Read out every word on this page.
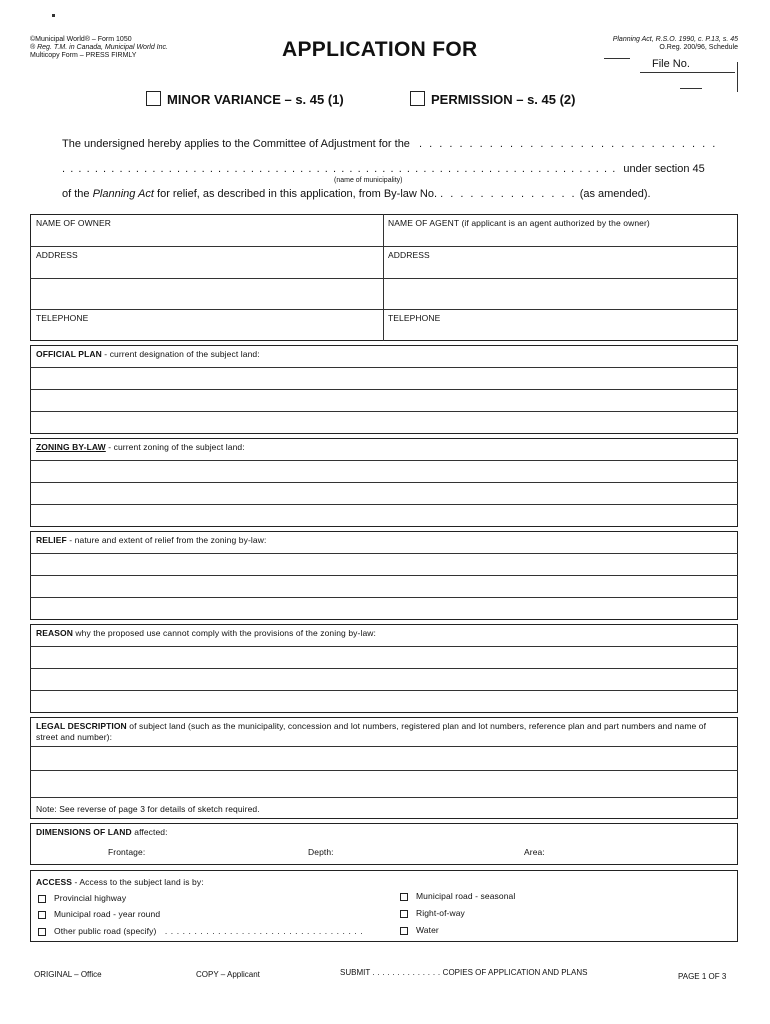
©Municipal World® – Form 1050
® Reg. T.M. in Canada, Municipal World Inc.
Multicopy Form – PRESS FIRMLY	APPLICATION FOR	Planning Act, R.S.O. 1990, c. P.13, s. 45
O.Reg. 200/96, Schedule
File No.
MINOR VARIANCE – s. 45 (1)	PERMISSION – s. 45 (2)
The undersigned hereby applies to the Committee of Adjustment for the . . . . . . . . . . . . . . . . . . . . . . . . . . . . . .
. . . . . . . . . . . . . . . . . . . . . . . . . . . . . . . . . . . . . . . . . . . . . . . . . . . . . . . . . . . . . . . . . . . . under section 45
(name of municipality)
of the Planning Act for relief, as described in this application, from By-law No. . . . . . . . . . . . . . . (as amended).
NAME OF OWNER	NAME OF AGENT (if applicant is an agent authorized by the owner)
ADDRESS	ADDRESS
TELEPHONE	TELEPHONE
OFFICIAL PLAN - current designation of the subject land:
ZONING BY-LAW - current zoning of the subject land:
RELIEF - nature and extent of relief from the zoning by-law:
REASON why the proposed use cannot comply with the provisions of the zoning by-law:
LEGAL DESCRIPTION of subject land (such as the municipality, concession and lot numbers, registered plan and lot numbers, reference plan and part numbers and name of street and number):
Note: See reverse of page 3 for details of sketch required.
DIMENSIONS OF LAND affected:
Frontage:	Depth:	Area:
ACCESS - Access to the subject land is by:
Provincial highway
Municipal road - year round
Other public road (specify) . . . . . . . . . . . . . . . . . . . . . . . . . . . . . . . . . .
Municipal road - seasonal
Right-of-way
Water
ORIGINAL – Office	COPY – Applicant	SUBMIT . . . . . . . . . . . . . . COPIES OF APPLICATION AND PLANS	PAGE 1 OF 3
